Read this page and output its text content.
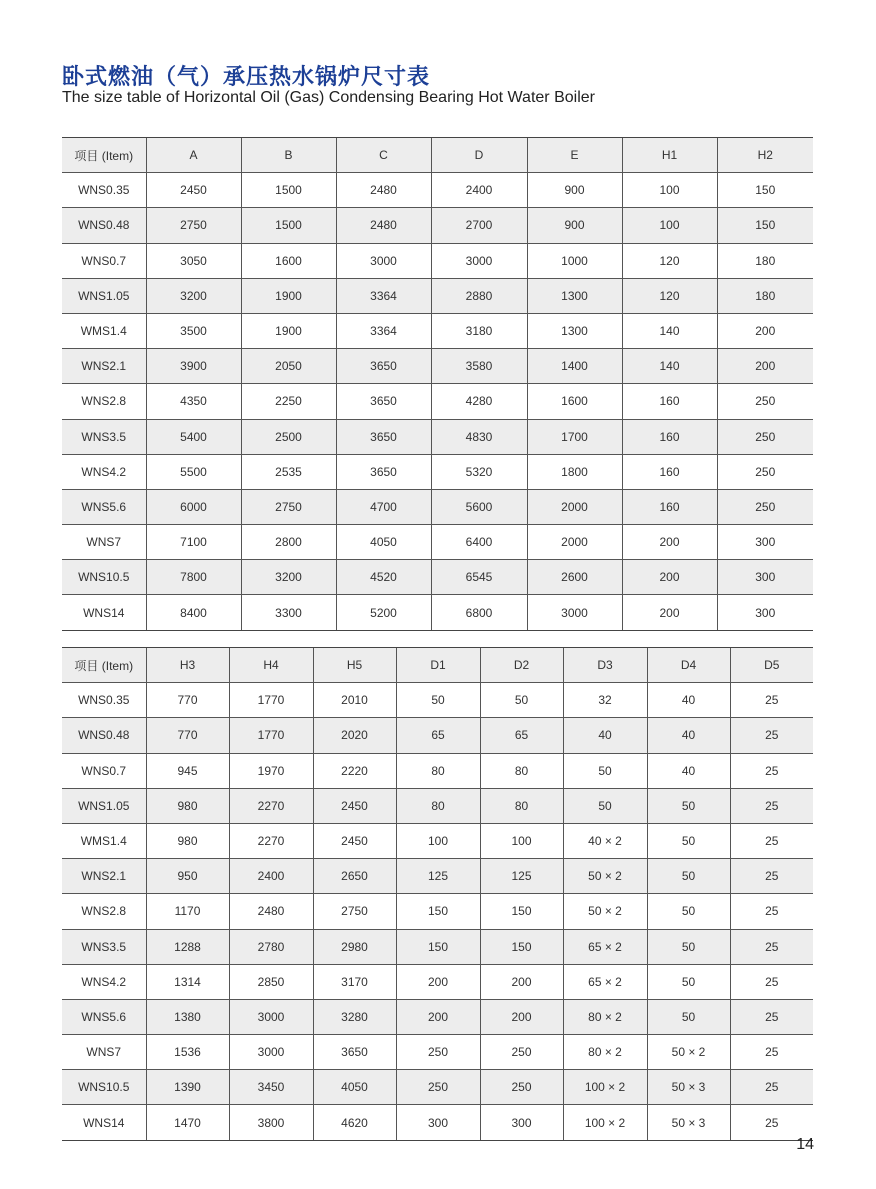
卧式燃油（气）承压热水锅炉尺寸表
The size table of Horizontal Oil (Gas) Condensing Bearing Hot Water Boiler
项目 (Item)	A	B	C	D	E	H1	H2
WNS0.35	2450	1500	2480	2400	900	100	150
WNS0.48	2750	1500	2480	2700	900	100	150
WNS0.7	3050	1600	3000	3000	1000	120	180
WNS1.05	3200	1900	3364	2880	1300	120	180
WMS1.4	3500	1900	3364	3180	1300	140	200
WNS2.1	3900	2050	3650	3580	1400	140	200
WNS2.8	4350	2250	3650	4280	1600	160	250
WNS3.5	5400	2500	3650	4830	1700	160	250
WNS4.2	5500	2535	3650	5320	1800	160	250
WNS5.6	6000	2750	4700	5600	2000	160	250
WNS7	7100	2800	4050	6400	2000	200	300
WNS10.5	7800	3200	4520	6545	2600	200	300
WNS14	8400	3300	5200	6800	3000	200	300
项目 (Item)	H3	H4	H5	D1	D2	D3	D4	D5
WNS0.35	770	1770	2010	50	50	32	40	25
WNS0.48	770	1770	2020	65	65	40	40	25
WNS0.7	945	1970	2220	80	80	50	40	25
WNS1.05	980	2270	2450	80	80	50	50	25
WMS1.4	980	2270	2450	100	100	40 × 2	50	25
WNS2.1	950	2400	2650	125	125	50 × 2	50	25
WNS2.8	1170	2480	2750	150	150	50 × 2	50	25
WNS3.5	1288	2780	2980	150	150	65 × 2	50	25
WNS4.2	1314	2850	3170	200	200	65 × 2	50	25
WNS5.6	1380	3000	3280	200	200	80 × 2	50	25
WNS7	1536	3000	3650	250	250	80 × 2	50 × 2	25
WNS10.5	1390	3450	4050	250	250	100 × 2	50 × 3	25
WNS14	1470	3800	4620	300	300	100 × 2	50 × 3	25
14
